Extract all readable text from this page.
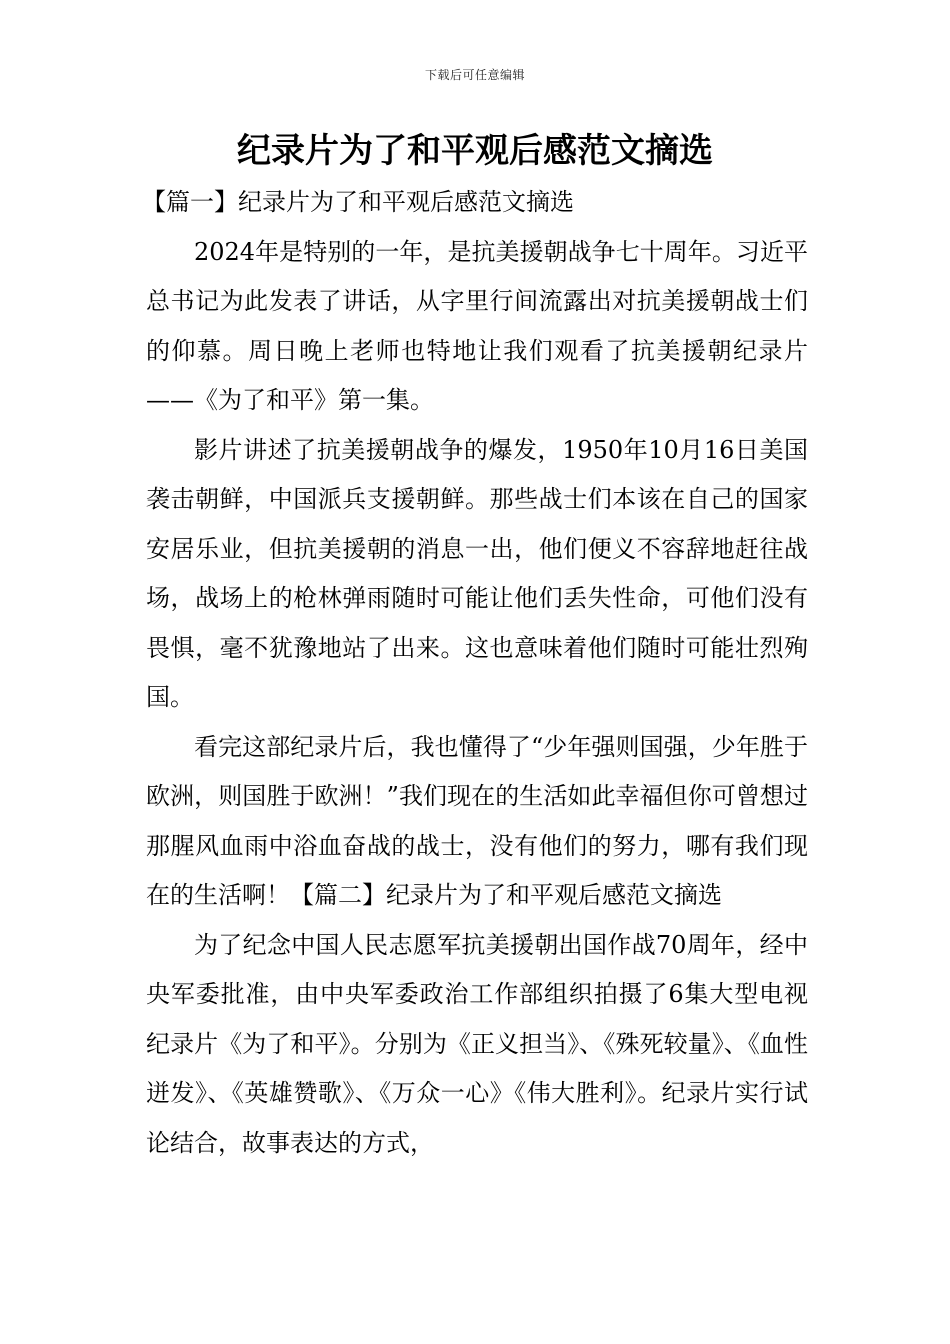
下载后可任意编辑
纪录片为了和平观后感范文摘选

【篇一】纪录片为了和平观后感范文摘选

2024年是特别的一年，是抗美援朝战争七十周年。习近平总书记为此发表了讲话，从字里行间流露出对抗美援朝战士们的仰慕。周日晚上老师也特地让我们观看了抗美援朝纪录片——《为了和平》第一集。

影片讲述了抗美援朝战争的爆发，1950年10月16日美国袭击朝鲜，中国派兵支援朝鲜。那些战士们本该在自己的国家安居乐业，但抗美援朝的消息一出，他们便义不容辞地赶往战场，战场上的枪林弹雨随时可能让他们丢失性命，可他们没有畏惧，毫不犹豫地站了出来。这也意味着他们随时可能壮烈殉国。

看完这部纪录片后，我也懂得了“少年强则国强，少年胜于欧洲，则国胜于欧洲！”我们现在的生活如此幸福但你可曾想过那腥风血雨中浴血奋战的战士，没有他们的努力，哪有我们现在的生活啊！【篇二】纪录片为了和平观后感范文摘选

为了纪念中国人民志愿军抗美援朝出国作战70周年，经中央军委批准，由中央军委政治工作部组织拍摄了6集大型电视纪录片《为了和平》。分别为《正义担当》、《殊死较量》、《血性迸发》、《英雄赞歌》、《万众一心》《伟大胜利》。纪录片实行试论结合，故事表达的方式，
